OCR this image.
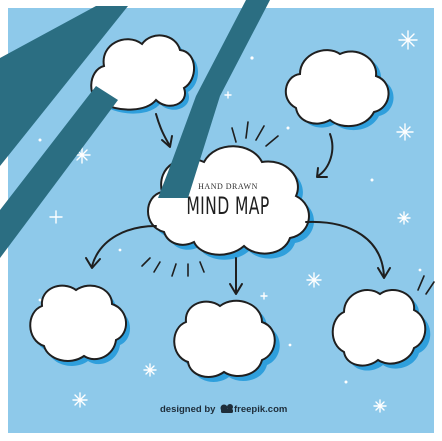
HAND DRAWN
MIND MAP
designed by freepik.com
